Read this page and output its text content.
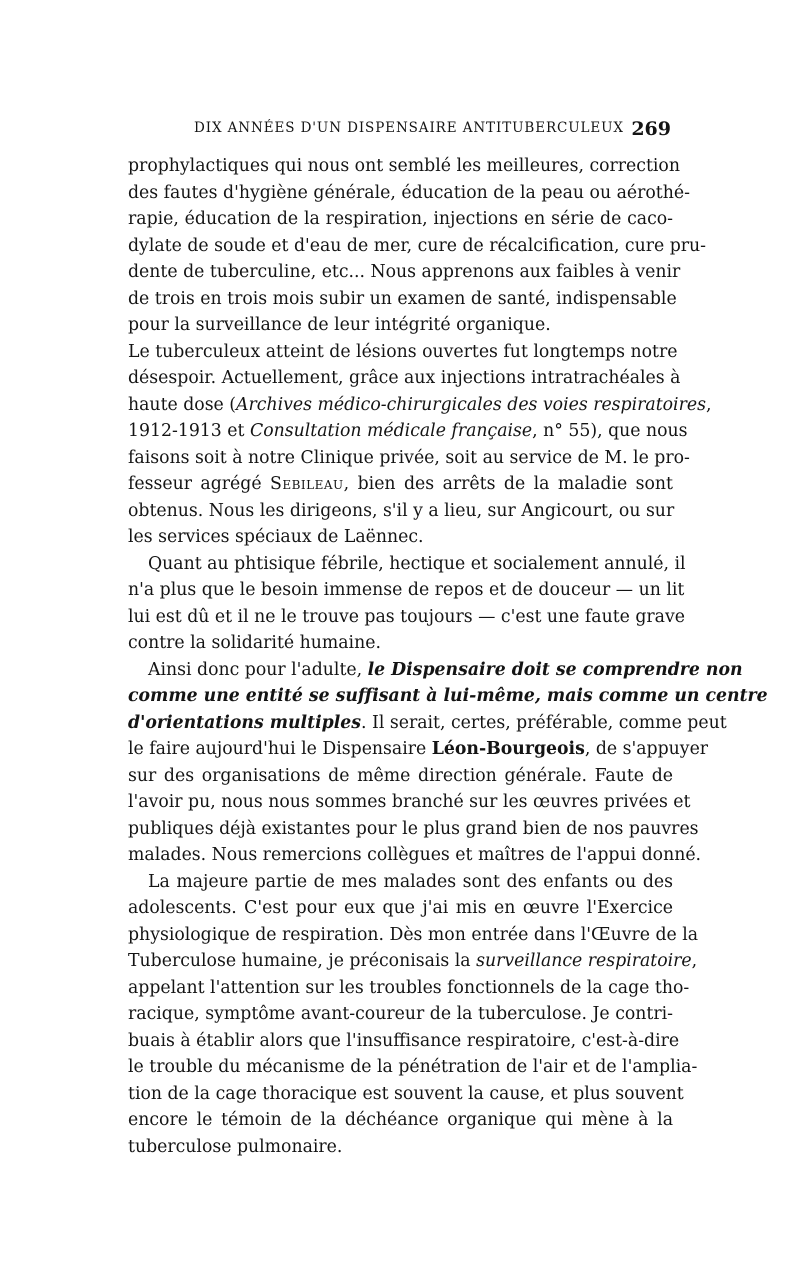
DIX ANNÉES D'UN DISPENSAIRE ANTITUBERCULEUX 269
prophylactiques qui nous ont semblé les meilleures, correction
des fautes d'hygiène générale, éducation de la peau ou aérothé-
rapie, éducation de la respiration, injections en série de caco-
dylate de soude et d'eau de mer, cure de récalcification, cure pru-
dente de tuberculine, etc... Nous apprenons aux faibles à venir
de trois en trois mois subir un examen de santé, indispensable
pour la surveillance de leur intégrité organique.
Le tuberculeux atteint de lésions ouvertes fut longtemps notre
désespoir. Actuellement, grâce aux injections intratrachéales à
haute dose (Archives médico-chirurgicales des voies respiratoires,
1912-1913 et Consultation médicale française, n° 55), que nous
faisons soit à notre Clinique privée, soit au service de M. le pro-
fesseur agrégé Sebileau, bien des arrêts de la maladie sont
obtenus. Nous les dirigeons, s'il y a lieu, sur Angicourt, ou sur
les services spéciaux de Laënnec.
Quant au phtisique fébrile, hectique et socialement annulé, il
n'a plus que le besoin immense de repos et de douceur — un lit
lui est dû et il ne le trouve pas toujours — c'est une faute grave
contre la solidarité humaine.
Ainsi donc pour l'adulte, le Dispensaire doit se comprendre non
comme une entité se suffisant à lui-même, mais comme un centre
d'orientations multiples. Il serait, certes, préférable, comme peut
le faire aujourd'hui le Dispensaire Léon-Bourgeois, de s'appuyer
sur des organisations de même direction générale. Faute de
l'avoir pu, nous nous sommes branché sur les œuvres privées et
publiques déjà existantes pour le plus grand bien de nos pauvres
malades. Nous remercions collègues et maîtres de l'appui donné.
La majeure partie de mes malades sont des enfants ou des
adolescents. C'est pour eux que j'ai mis en œuvre l'Exercice
physiologique de respiration. Dès mon entrée dans l'Œuvre de la
Tuberculose humaine, je préconisais la surveillance respiratoire,
appelant l'attention sur les troubles fonctionnels de la cage tho-
racique, symptôme avant-coureur de la tuberculose. Je contri-
buais à établir alors que l'insuffisance respiratoire, c'est-à-dire
le trouble du mécanisme de la pénétration de l'air et de l'amplia-
tion de la cage thoracique est souvent la cause, et plus souvent
encore le témoin de la déchéance organique qui mène à la
tuberculose pulmonaire.
